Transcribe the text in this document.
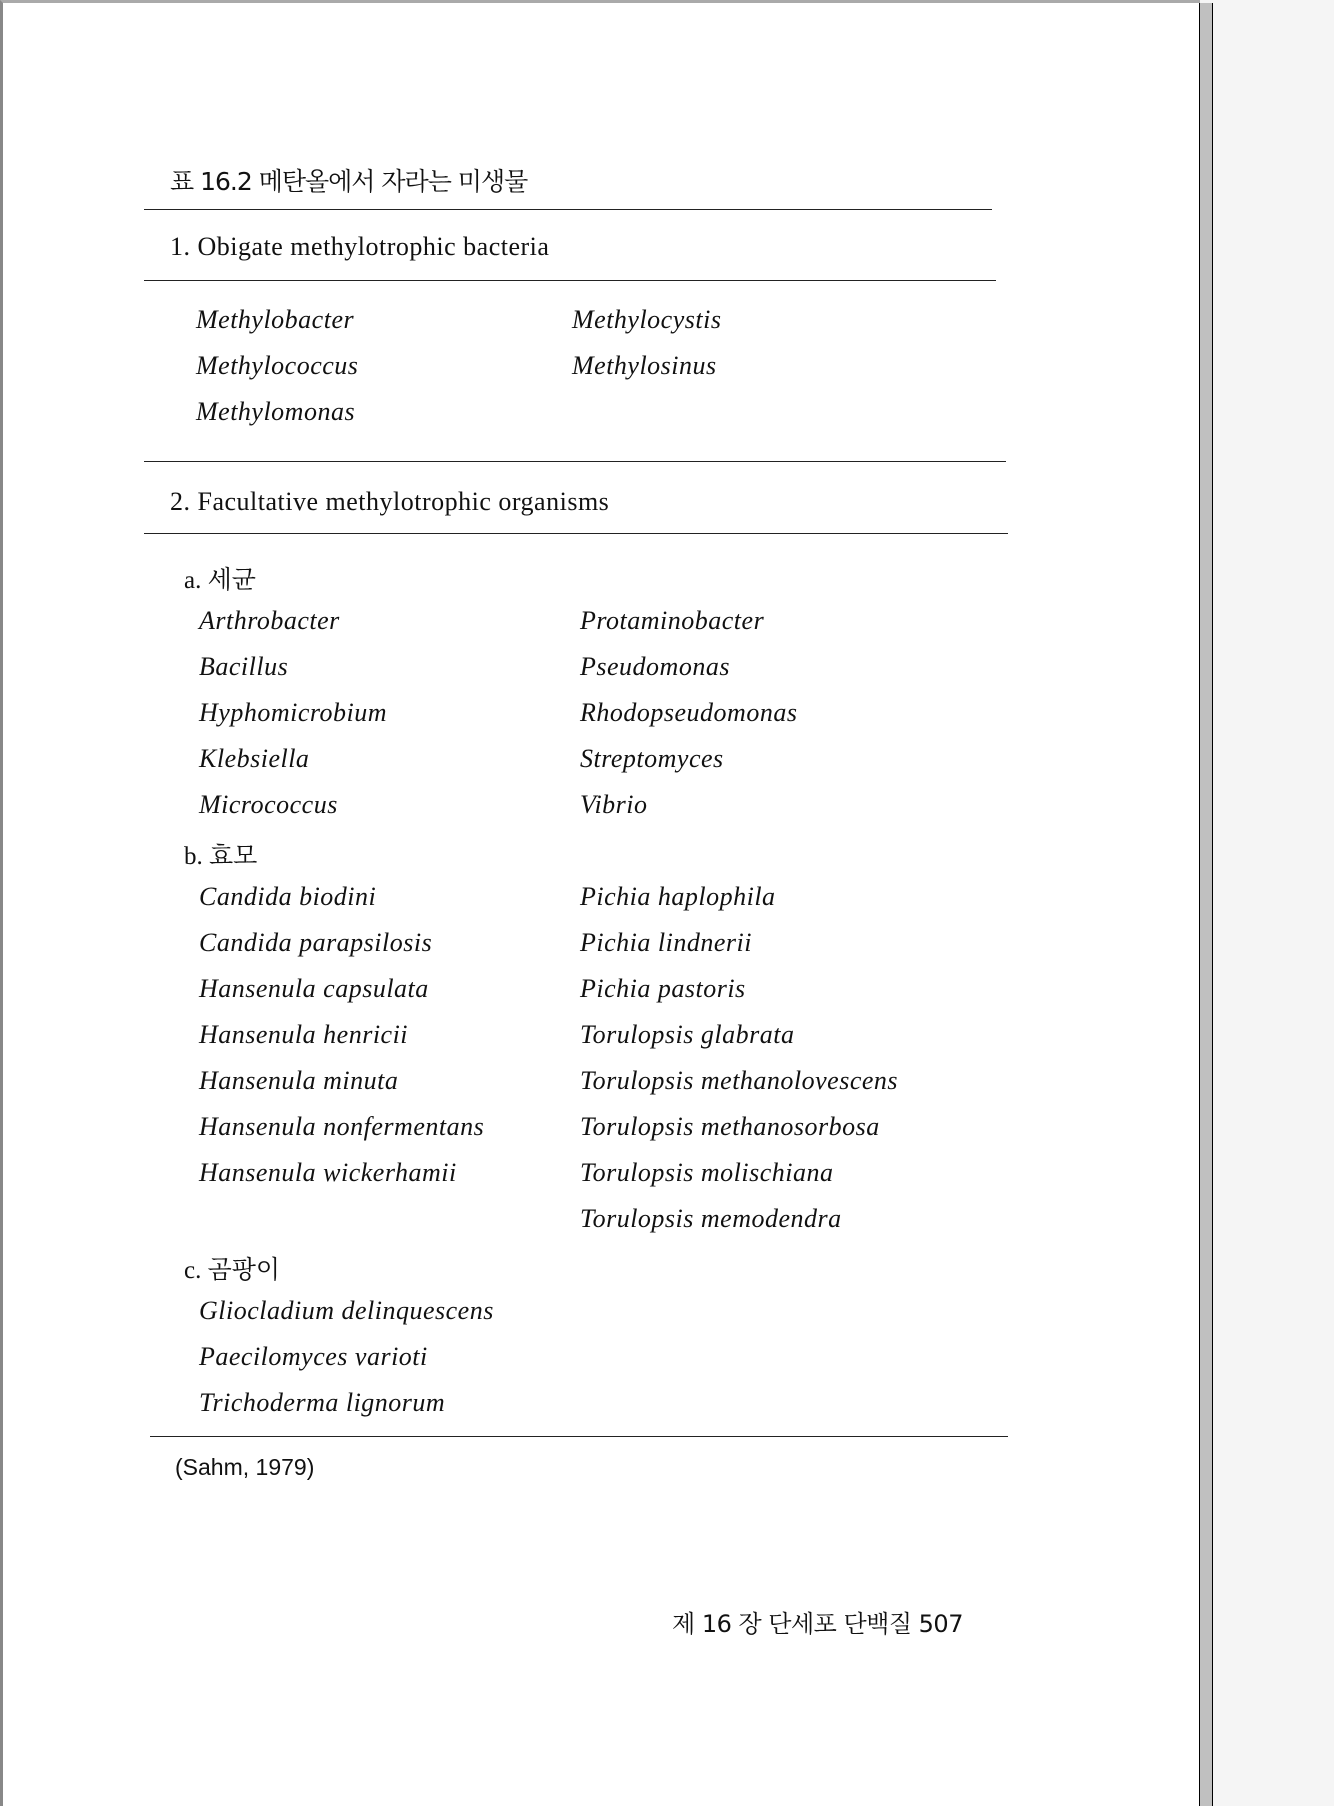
표 16.2 메탄올에서 자라는 미생물
1. Obigate methylotrophic bacteria
Methylobacter
Methylococcus
Methylomonas
Methylocystis
Methylosinus
2. Facultative methylotrophic organisms
a. 세균
b. 효모
c. 곰팡이
Arthrobacter
Bacillus
Hyphomicrobium
Klebsiella
Micrococcus
Protaminobacter
Pseudomonas
Rhodopseudomonas
Streptomyces
Vibrio
Candida biodini
Candida parapsilosis
Hansenula capsulata
Hansenula henricii
Hansenula minuta
Hansenula nonfermentans
Hansenula wickerhamii
Pichia haplophila
Pichia lindnerii
Pichia pastoris
Torulopsis glabrata
Torulopsis methanolovescens
Torulopsis methanosorbosa
Torulopsis molischiana
Torulopsis memodendra
Gliocladium delinquescens
Paecilomyces varioti
Trichoderma lignorum
(Sahm, 1979)
제 16 장 단세포 단백질 507
